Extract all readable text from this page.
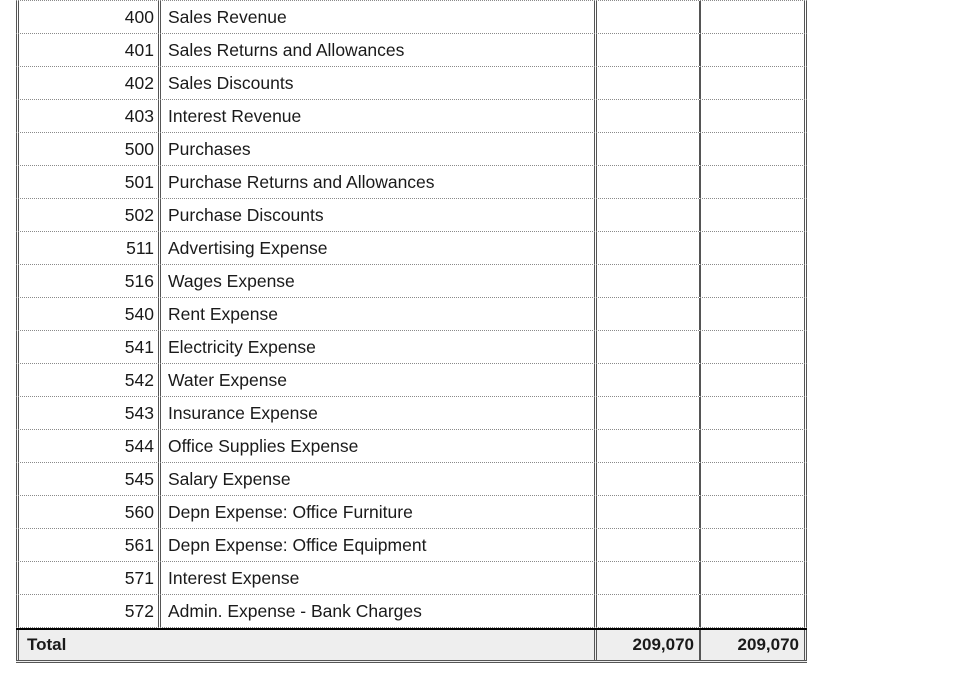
400 Sales Revenue
401 Sales Returns and Allowances
402 Sales Discounts
403 Interest Revenue
500 Purchases
501 Purchase Returns and Allowances
502 Purchase Discounts
511 Advertising Expense
516 Wages Expense
540 Rent Expense
541 Electricity Expense
542 Water Expense
543 Insurance Expense
544 Office Supplies Expense
545 Salary Expense
560 Depn Expense: Office Furniture
561 Depn Expense: Office Equipment
571 Interest Expense
572 Admin. Expense - Bank Charges
Total	209,070	209,070
